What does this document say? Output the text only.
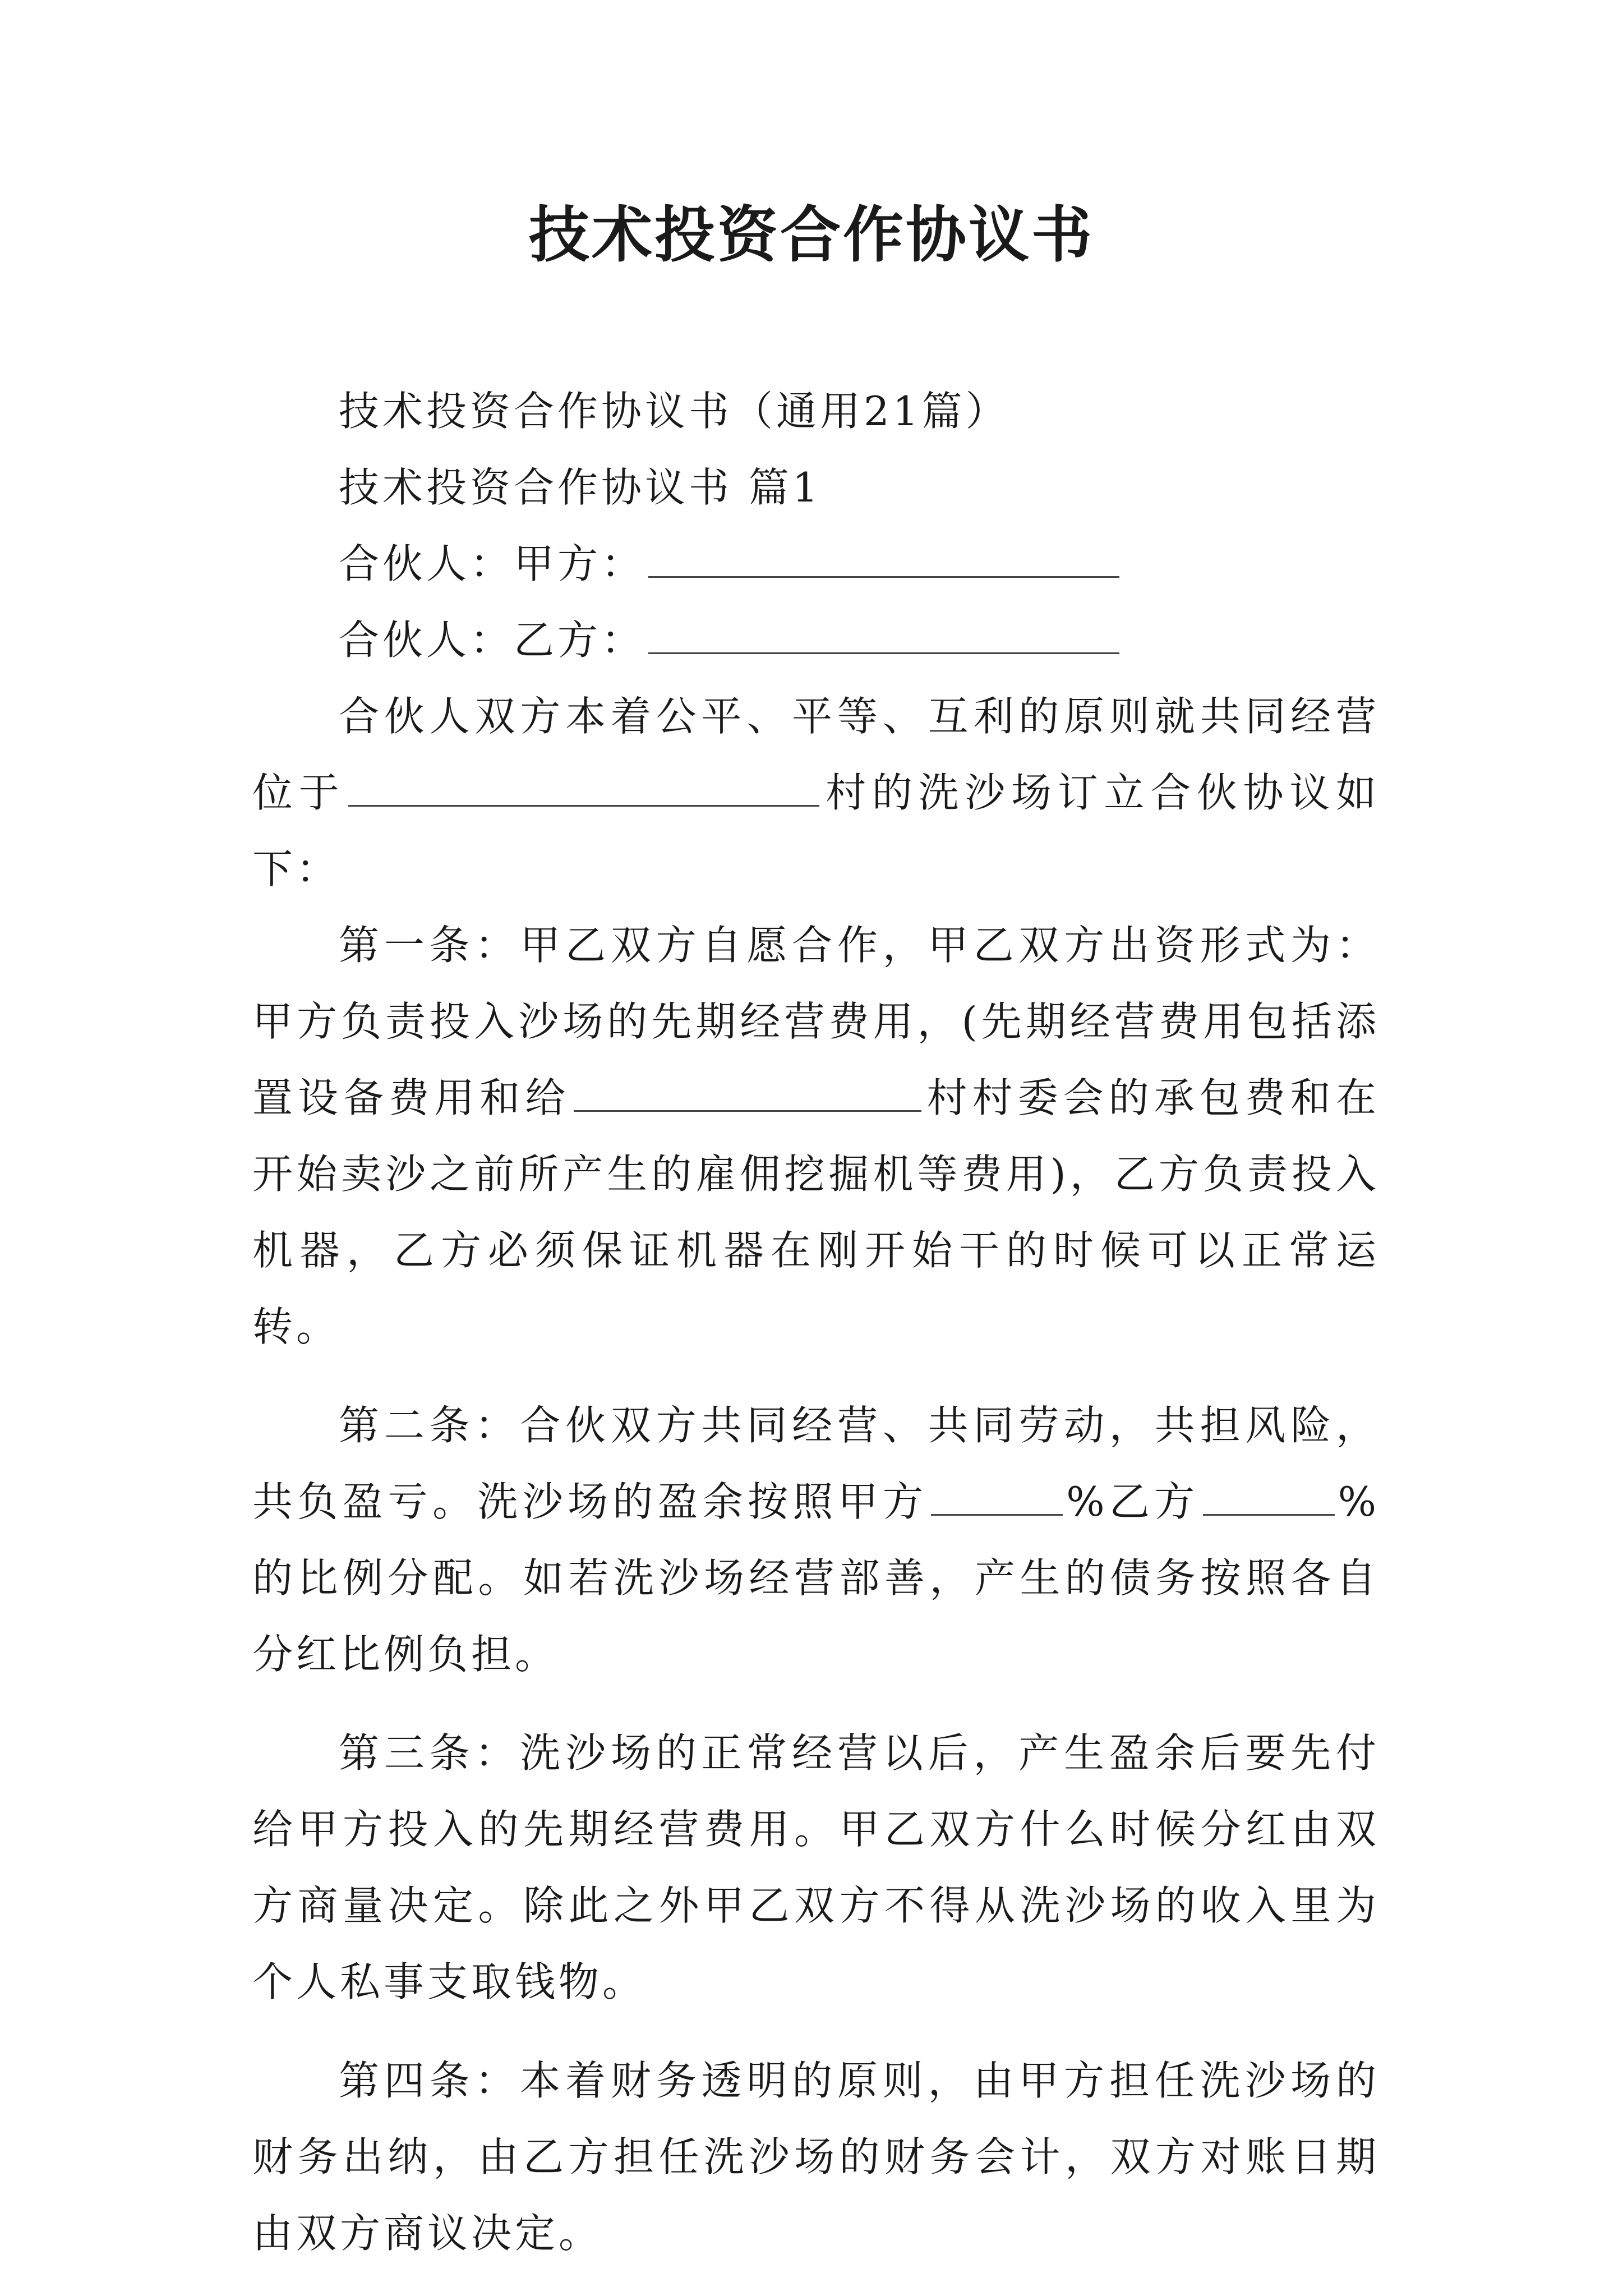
技术投资合作协议书

技术投资合作协议书（通用21篇）

技术投资合作协议书 篇1

合伙人：甲方：

合伙人：乙方：

合伙人双方本着公平、平等、互利的原则就共同经营位于	村的洗沙场订立合伙协议如下：

第一条：甲乙双方自愿合作，甲乙双方出资形式为：甲方负责投入沙场的先期经营费用，(先期经营费用包括添置设备费用和给	村村委会的承包费和在开始卖沙之前所产生的雇佣挖掘机等费用)，乙方负责投入机器，乙方必须保证机器在刚开始干的时候可以正常运转。

第二条：合伙双方共同经营、共同劳动，共担风险，共负盈亏。洗沙场的盈余按照甲方	%乙方	%的比例分配。如若洗沙场经营部善，产生的债务按照各自分红比例负担。

第三条：洗沙场的正常经营以后，产生盈余后要先付给甲方投入的先期经营费用。甲乙双方什么时候分红由双方商量决定。除此之外甲乙双方不得从洗沙场的收入里为个人私事支取钱物。

第四条：本着财务透明的原则，由甲方担任洗沙场的财务出纳，由乙方担任洗沙场的财务会计，双方对账日期由双方商议决定。
